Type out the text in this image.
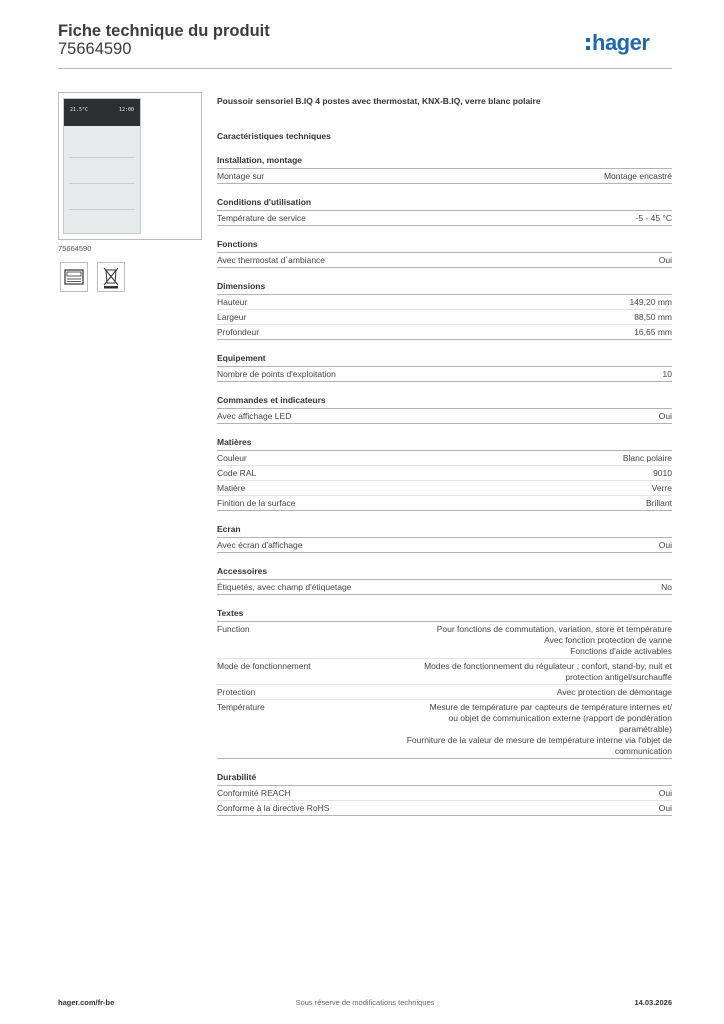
Fiche technique du produit
75664590	hager
21.5°C	12:00
75664590
Poussoir sensoriel B.IQ 4 postes avec thermostat, KNX-B.IQ, verre blanc polaire
Caractéristiques techniques
Installation, montage
Montage sur	Montage encastré
Conditions d'utilisation
Température de service	-5 - 45 °C
Fonctions
Avec thermostat d´ambiance	Oui
Dimensions
Hauteur	149,20 mm
Largeur	88,50 mm
Profondeur	16,65 mm
Equipement
Nombre de points d'exploitation	10
Commandes et indicateurs
Avec affichage LED	Oui
Matières
Couleur	Blanc polaire
Code RAL	9010
Matière	Verre
Finition de la surface	Brillant
Ecran
Avec écran d'affichage	Oui
Accessoires
Étiquetés, avec champ d'étiquetage	No
Textes
Function	Pour fonctions de commutation, variation, store et température
Avec fonction protection de vanne
Fonctions d'aide activables
Mode de fonctionnement	Modes de fonctionnement du régulateur : confort, stand-by, nuit et
protection antigel/surchauffe
Protection	Avec protection de démontage
Température	Mesure de température par capteurs de température internes et/
ou objet de communication externe (rapport de pondération
paramétrable)
Fourniture de la valeur de mesure de température interne via l'objet de
communication
Durabilité
Conformité REACH	Oui
Conforme à la directive RoHS	Oui
hager.com/fr-be	Sous réserve de modifications techniques	14.03.2026
